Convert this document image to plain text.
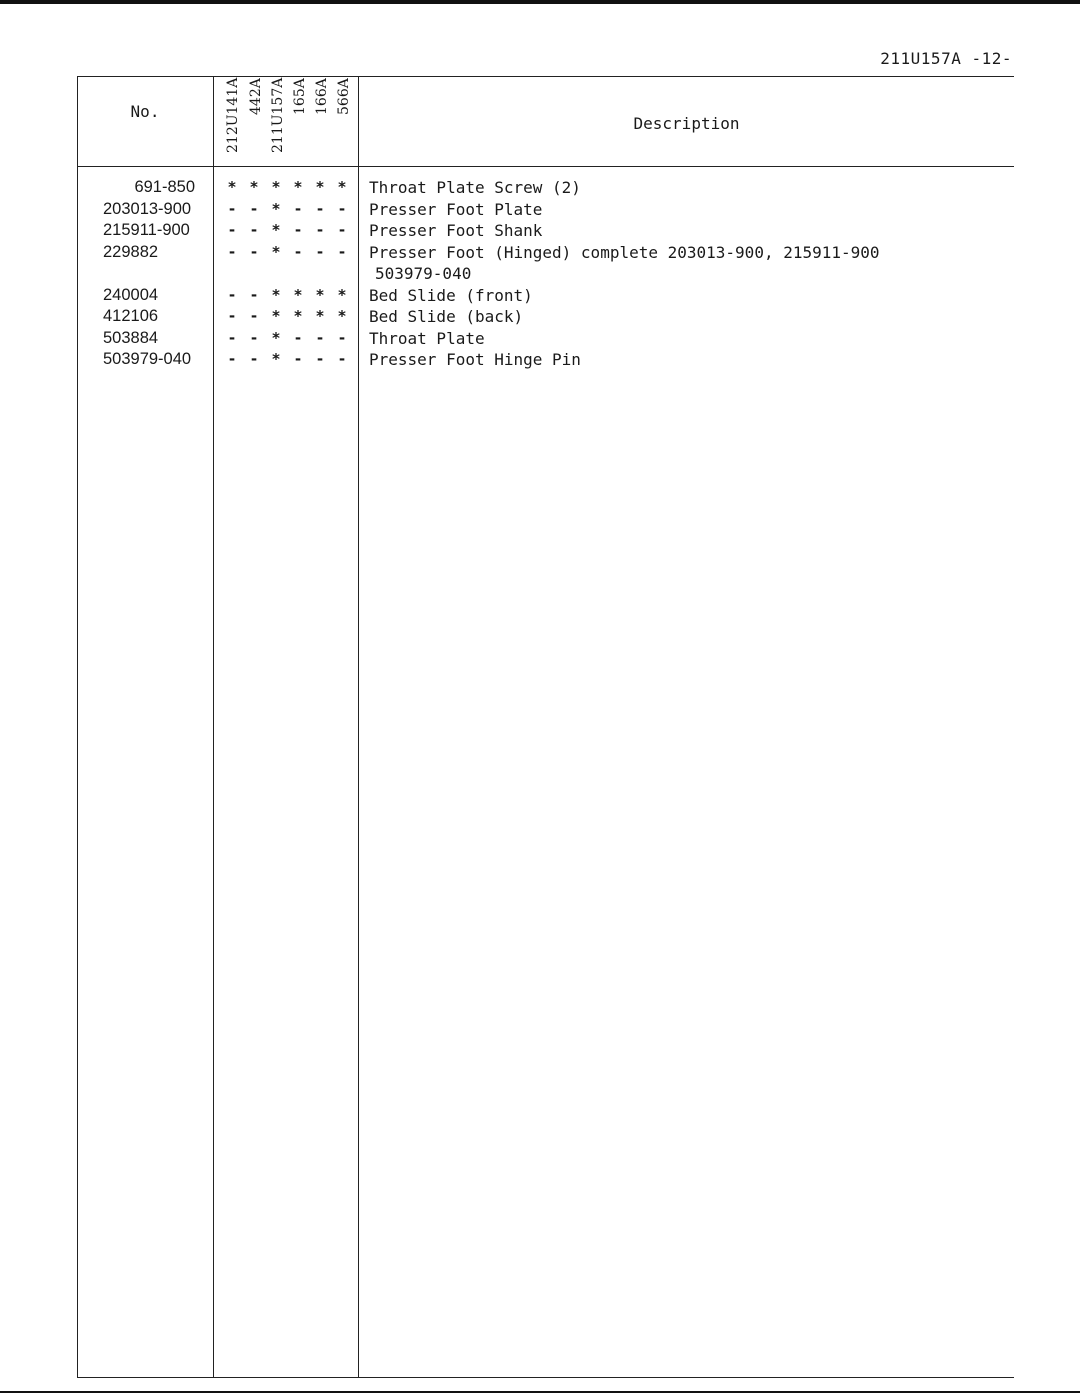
211U157A -12-
No.	212U141A 442A 211U157A 165A 166A 566A
Description
691-850	* * * * * *	Throat Plate Screw (2)
203013-900	- - * - - -	Presser Foot Plate
215911-900	- - * - - -	Presser Foot Shank
229882	- - * - - -	Presser Foot (Hinged) complete 203013-900, 215911-900
503979-040
240004	- - * * * *	Bed Slide (front)
412106	- - * * * *	Bed Slide (back)
503884	- - * - - -	Throat Plate
503979-040	- - * - - -	Presser Foot Hinge Pin
